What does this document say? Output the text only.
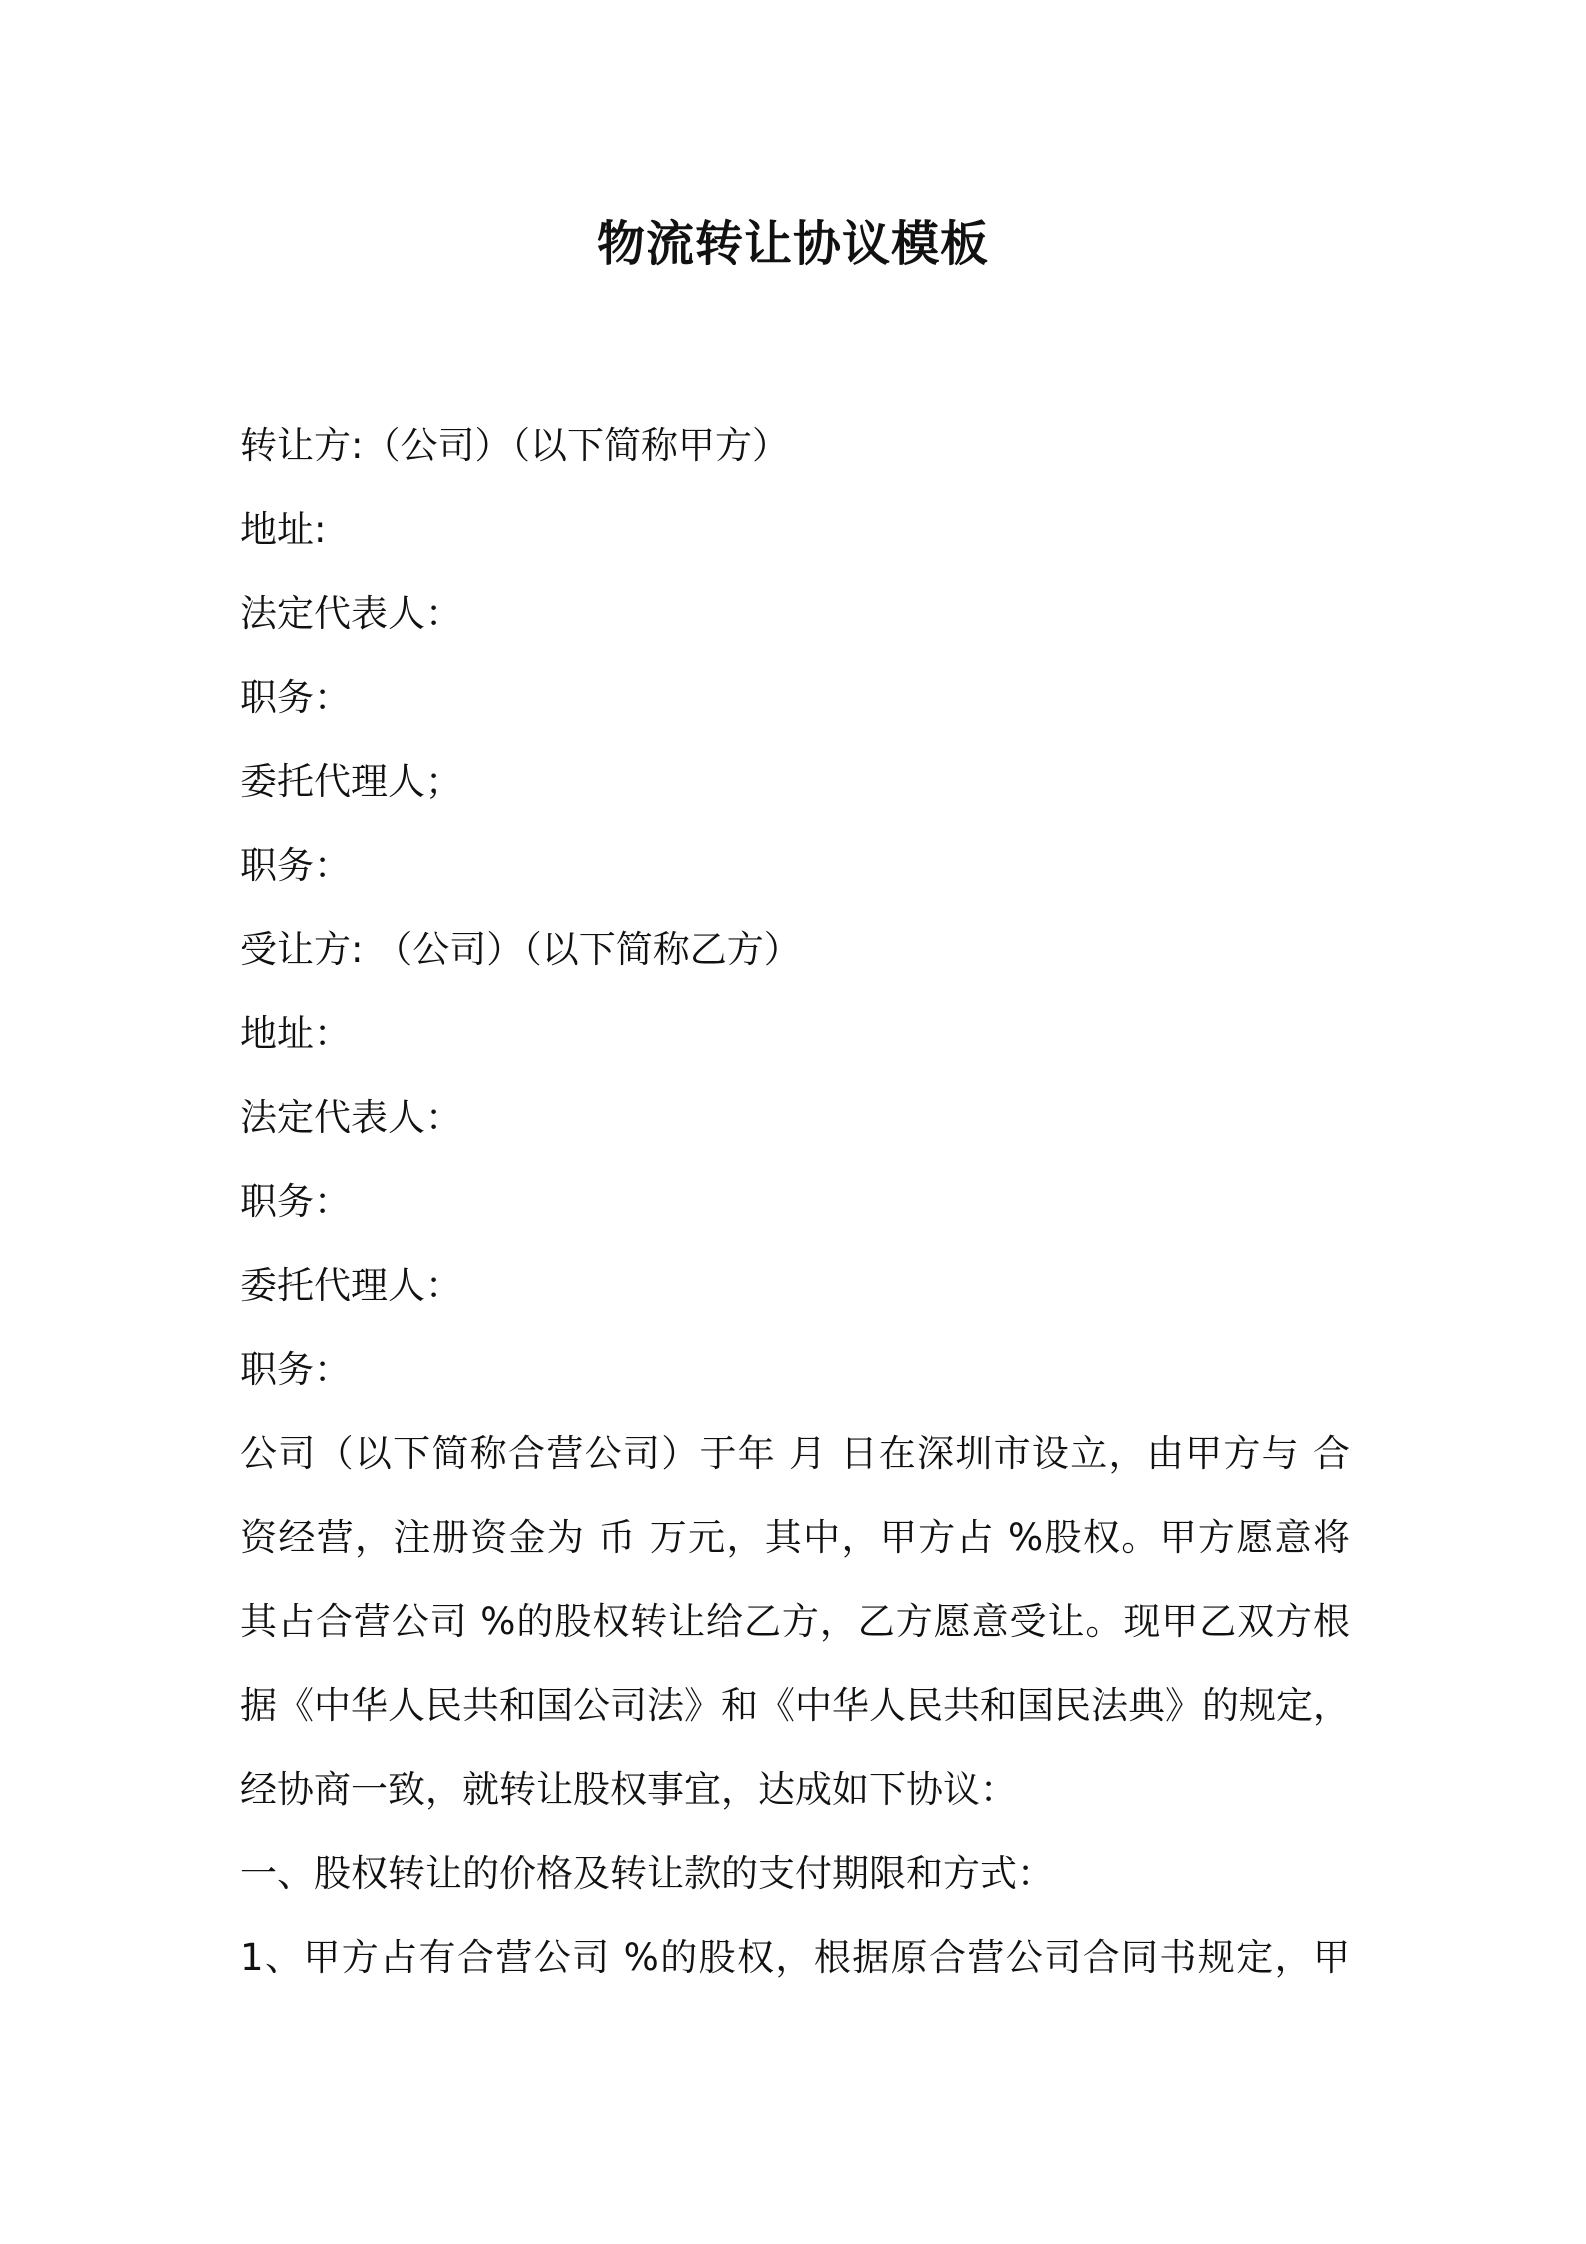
物流转让协议模板
转让方:（公司）（以下简称甲方）
地址:
法定代表人：
职务：
委托代理人；
职务：
受让方: （公司）（以下简称乙方）
地址：
法定代表人：
职务：
委托代理人：
职务：
公司（以下简称合营公司）于年 月 日在深圳市设立，由甲方与 合
资经营，注册资金为 币 万元，其中，甲方占 %股权。甲方愿意将
其占合营公司 %的股权转让给乙方，乙方愿意受让。现甲乙双方根
据《中华人民共和国公司法》和《中华人民共和国民法典》的规定，
经协商一致，就转让股权事宜，达成如下协议：
一、股权转让的价格及转让款的支付期限和方式：
1、甲方占有合营公司 %的股权，根据原合营公司合同书规定，甲
